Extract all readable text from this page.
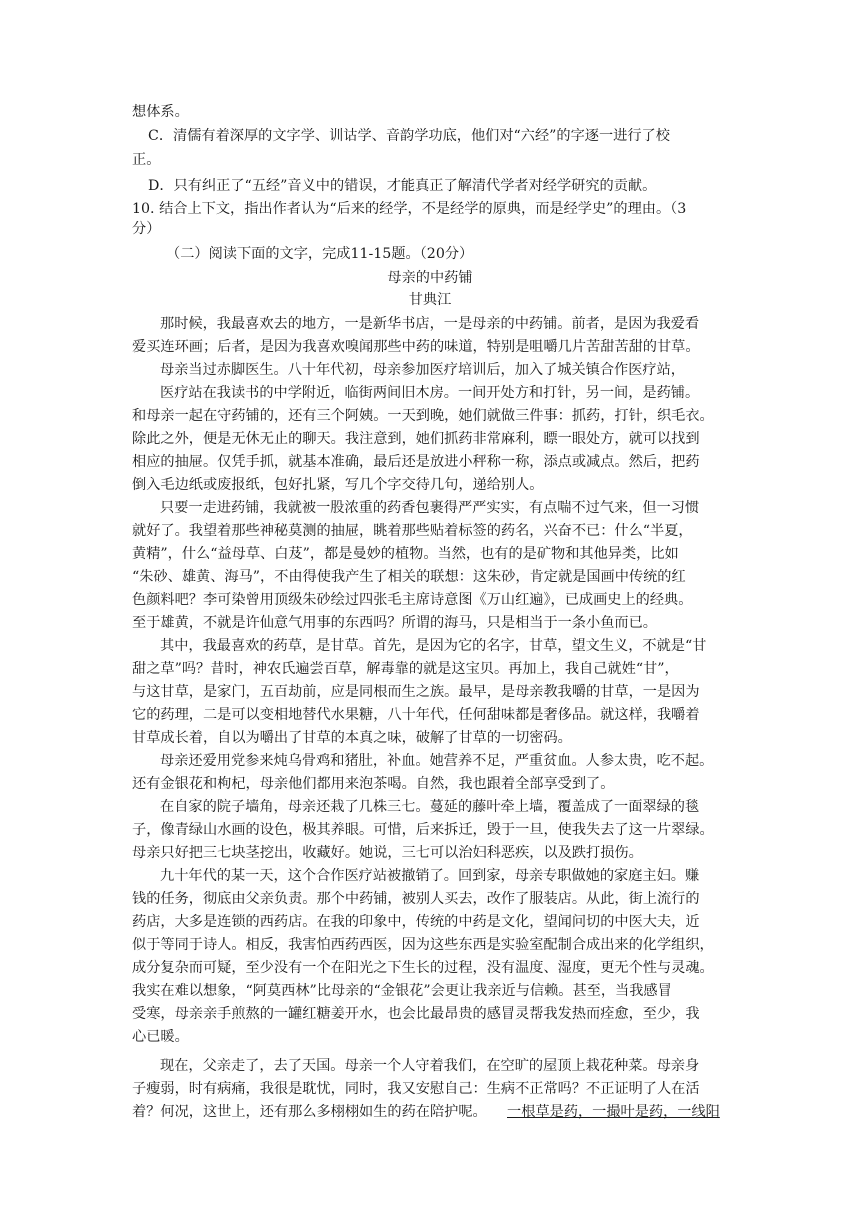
想体系。
C．清儒有着深厚的文字学、训诂学、音韵学功底，他们对“六经”的字逐一进行了校
正。
D．只有纠正了“五经”音义中的错误，才能真正了解清代学者对经学研究的贡献。
10. 结合上下文，指出作者认为“后来的经学，不是经学的原典，而是经学史”的理由。（3
分）
（二）阅读下面的文字，完成11-15题。（20分）
母亲的中药铺
甘典江
那时候，我最喜欢去的地方，一是新华书店，一是母亲的中药铺。前者，是因为我爱看
爱买连环画；后者，是因为我喜欢嗅闻那些中药的味道，特别是咀嚼几片苦甜苦甜的甘草。
母亲当过赤脚医生。八十年代初，母亲参加医疗培训后，加入了城关镇合作医疗站，
医疗站在我读书的中学附近，临街两间旧木房。一间开处方和打针，另一间，是药铺。
和母亲一起在守药铺的，还有三个阿姨。一天到晚，她们就做三件事：抓药，打针，织毛衣。
除此之外，便是无休无止的聊天。我注意到，她们抓药非常麻利，瞟一眼处方，就可以找到
相应的抽屉。仅凭手抓，就基本准确，最后还是放进小秤称一称，添点或减点。然后，把药
倒入毛边纸或废报纸，包好扎紧，写几个字交待几句，递给别人。
只要一走进药铺，我就被一股浓重的药香包裹得严严实实，有点喘不过气来，但一习惯
就好了。我望着那些神秘莫测的抽屉，眺着那些贴着标签的药名，兴奋不已：什么“半夏，
黄精”，什么“益母草、白芨”，都是曼妙的植物。当然，也有的是矿物和其他异类，比如
“朱砂、雄黄、海马”，不由得使我产生了相关的联想：这朱砂，肯定就是国画中传统的红
色颜料吧？李可染曾用顶级朱砂绘过四张毛主席诗意图《万山红遍》，已成画史上的经典。
至于雄黄，不就是许仙意气用事的东西吗？所谓的海马，只是相当于一条小鱼而已。
其中，我最喜欢的药草，是甘草。首先，是因为它的名字，甘草，望文生义，不就是“甘
甜之草”吗？昔时，神农氏遍尝百草，解毒靠的就是这宝贝。再加上，我自己就姓“甘”，
与这甘草，是家门，五百劫前，应是同根而生之族。最早，是母亲教我嚼的甘草，一是因为
它的药理，二是可以变相地替代水果糖，八十年代，任何甜味都是奢侈品。就这样，我嚼着
甘草成长着，自以为嚼出了甘草的本真之味，破解了甘草的一切密码。
母亲还爱用党参来炖乌骨鸡和猪肚，补血。她营养不足，严重贫血。人参太贵，吃不起。
还有金银花和枸杞，母亲他们都用来泡茶喝。自然，我也跟着全部享受到了。
在自家的院子墙角，母亲还栽了几株三七。蔓延的藤叶牵上墙，覆盖成了一面翠绿的毯
子，像青绿山水画的设色，极其养眼。可惜，后来拆迁，毁于一旦，使我失去了这一片翠绿。
母亲只好把三七块茎挖出，收藏好。她说，三七可以治妇科恶疾，以及跌打损伤。
九十年代的某一天，这个合作医疗站被撤销了。回到家，母亲专职做她的家庭主妇。赚
钱的任务，彻底由父亲负责。那个中药铺，被别人买去，改作了服装店。从此，街上流行的
药店，大多是连锁的西药店。在我的印象中，传统的中药是文化，望闻问切的中医大夫，近
似于等同于诗人。相反，我害怕西药西医，因为这些东西是实验室配制合成出来的化学组织，
成分复杂而可疑，至少没有一个在阳光之下生长的过程，没有温度、湿度，更无个性与灵魂。
我实在难以想象，“阿莫西林”比母亲的“金银花”会更让我亲近与信赖。甚至，当我感冒
受寒，母亲亲手煎熬的一罐红糖姜开水，也会比最昂贵的感冒灵帮我发热而痊愈，至少，我
心已暖。
现在，父亲走了，去了天国。母亲一个人守着我们，在空旷的屋顶上栽花种菜。母亲身
子瘦弱，时有病痛，我很是耽忧，同时，我又安慰自己：生病不正常吗？不正证明了人在活
着？何况，这世上，还有那么多栩栩如生的药在陪护呢。	一根草是药，一撮叶是药，一线阳
